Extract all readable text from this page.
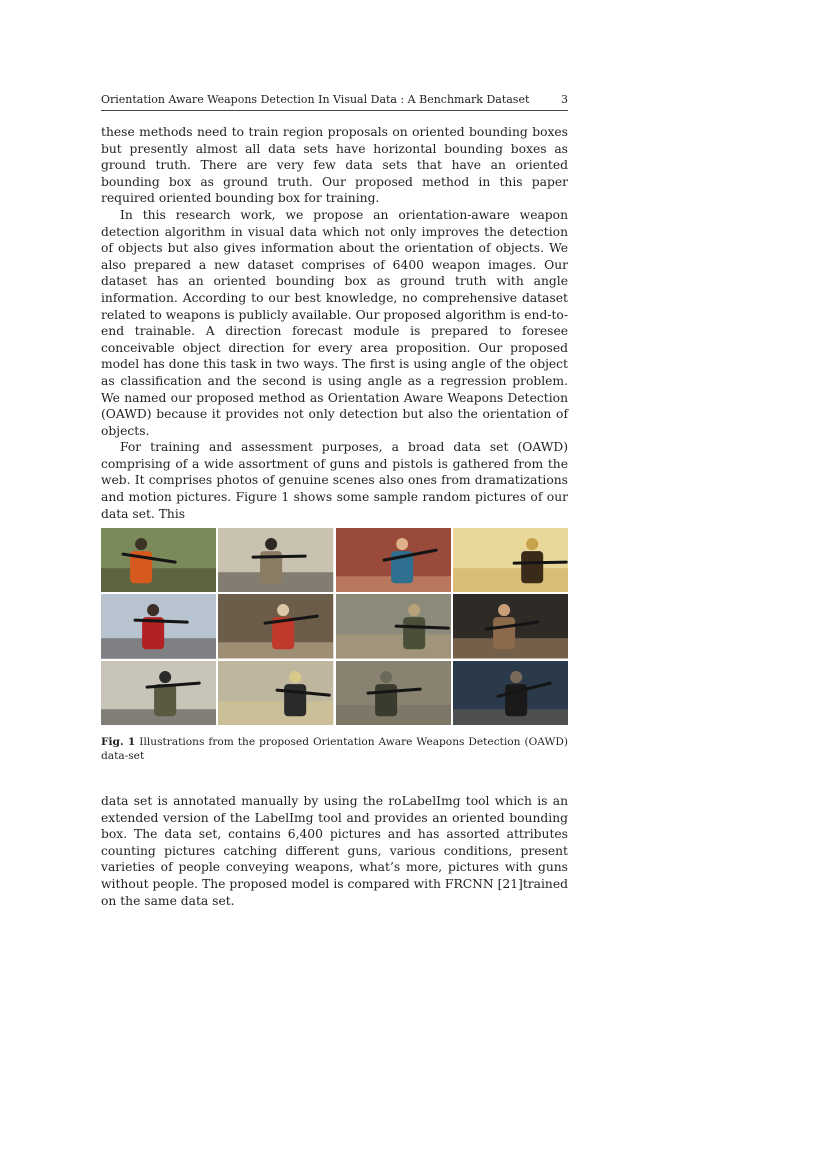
Orientation Aware Weapons Detection In Visual Data : A Benchmark Dataset	3

these methods need to train region proposals on oriented bounding boxes but presently almost all data sets have horizontal bounding boxes as ground truth. There are very few data sets that have an oriented bounding box as ground truth. Our proposed method in this paper required oriented bounding box for training.

In this research work, we propose an orientation-aware weapon detection algorithm in visual data which not only improves the detection of objects but also gives information about the orientation of objects. We also prepared a new dataset comprises of 6400 weapon images. Our dataset has an oriented bounding box as ground truth with angle information. According to our best knowledge, no comprehensive dataset related to weapons is publicly available. Our proposed algorithm is end-to-end trainable. A direction forecast module is prepared to foresee conceivable object direction for every area proposition. Our proposed model has done this task in two ways. The first is using angle of the object as classification and the second is using angle as a regression problem. We named our proposed method as Orientation Aware Weapons Detection (OAWD) because it provides not only detection but also the orientation of objects.

For training and assessment purposes, a broad data set (OAWD) comprising of a wide assortment of guns and pistols is gathered from the web. It comprises photos of genuine scenes also ones from dramatizations and motion pictures. Figure 1 shows some sample random pictures of our data set. This

Fig. 1 Illustrations from the proposed Orientation Aware Weapons Detection (OAWD) data-set

data set is annotated manually by using the roLabelImg tool which is an extended version of the LabelImg tool and provides an oriented bounding box. The data set, contains 6,400 pictures and has assorted attributes counting pictures catching different guns, various conditions, present varieties of people conveying weapons, what’s more, pictures with guns without people. The proposed model is compared with FRCNN [21]trained on the same data set.
